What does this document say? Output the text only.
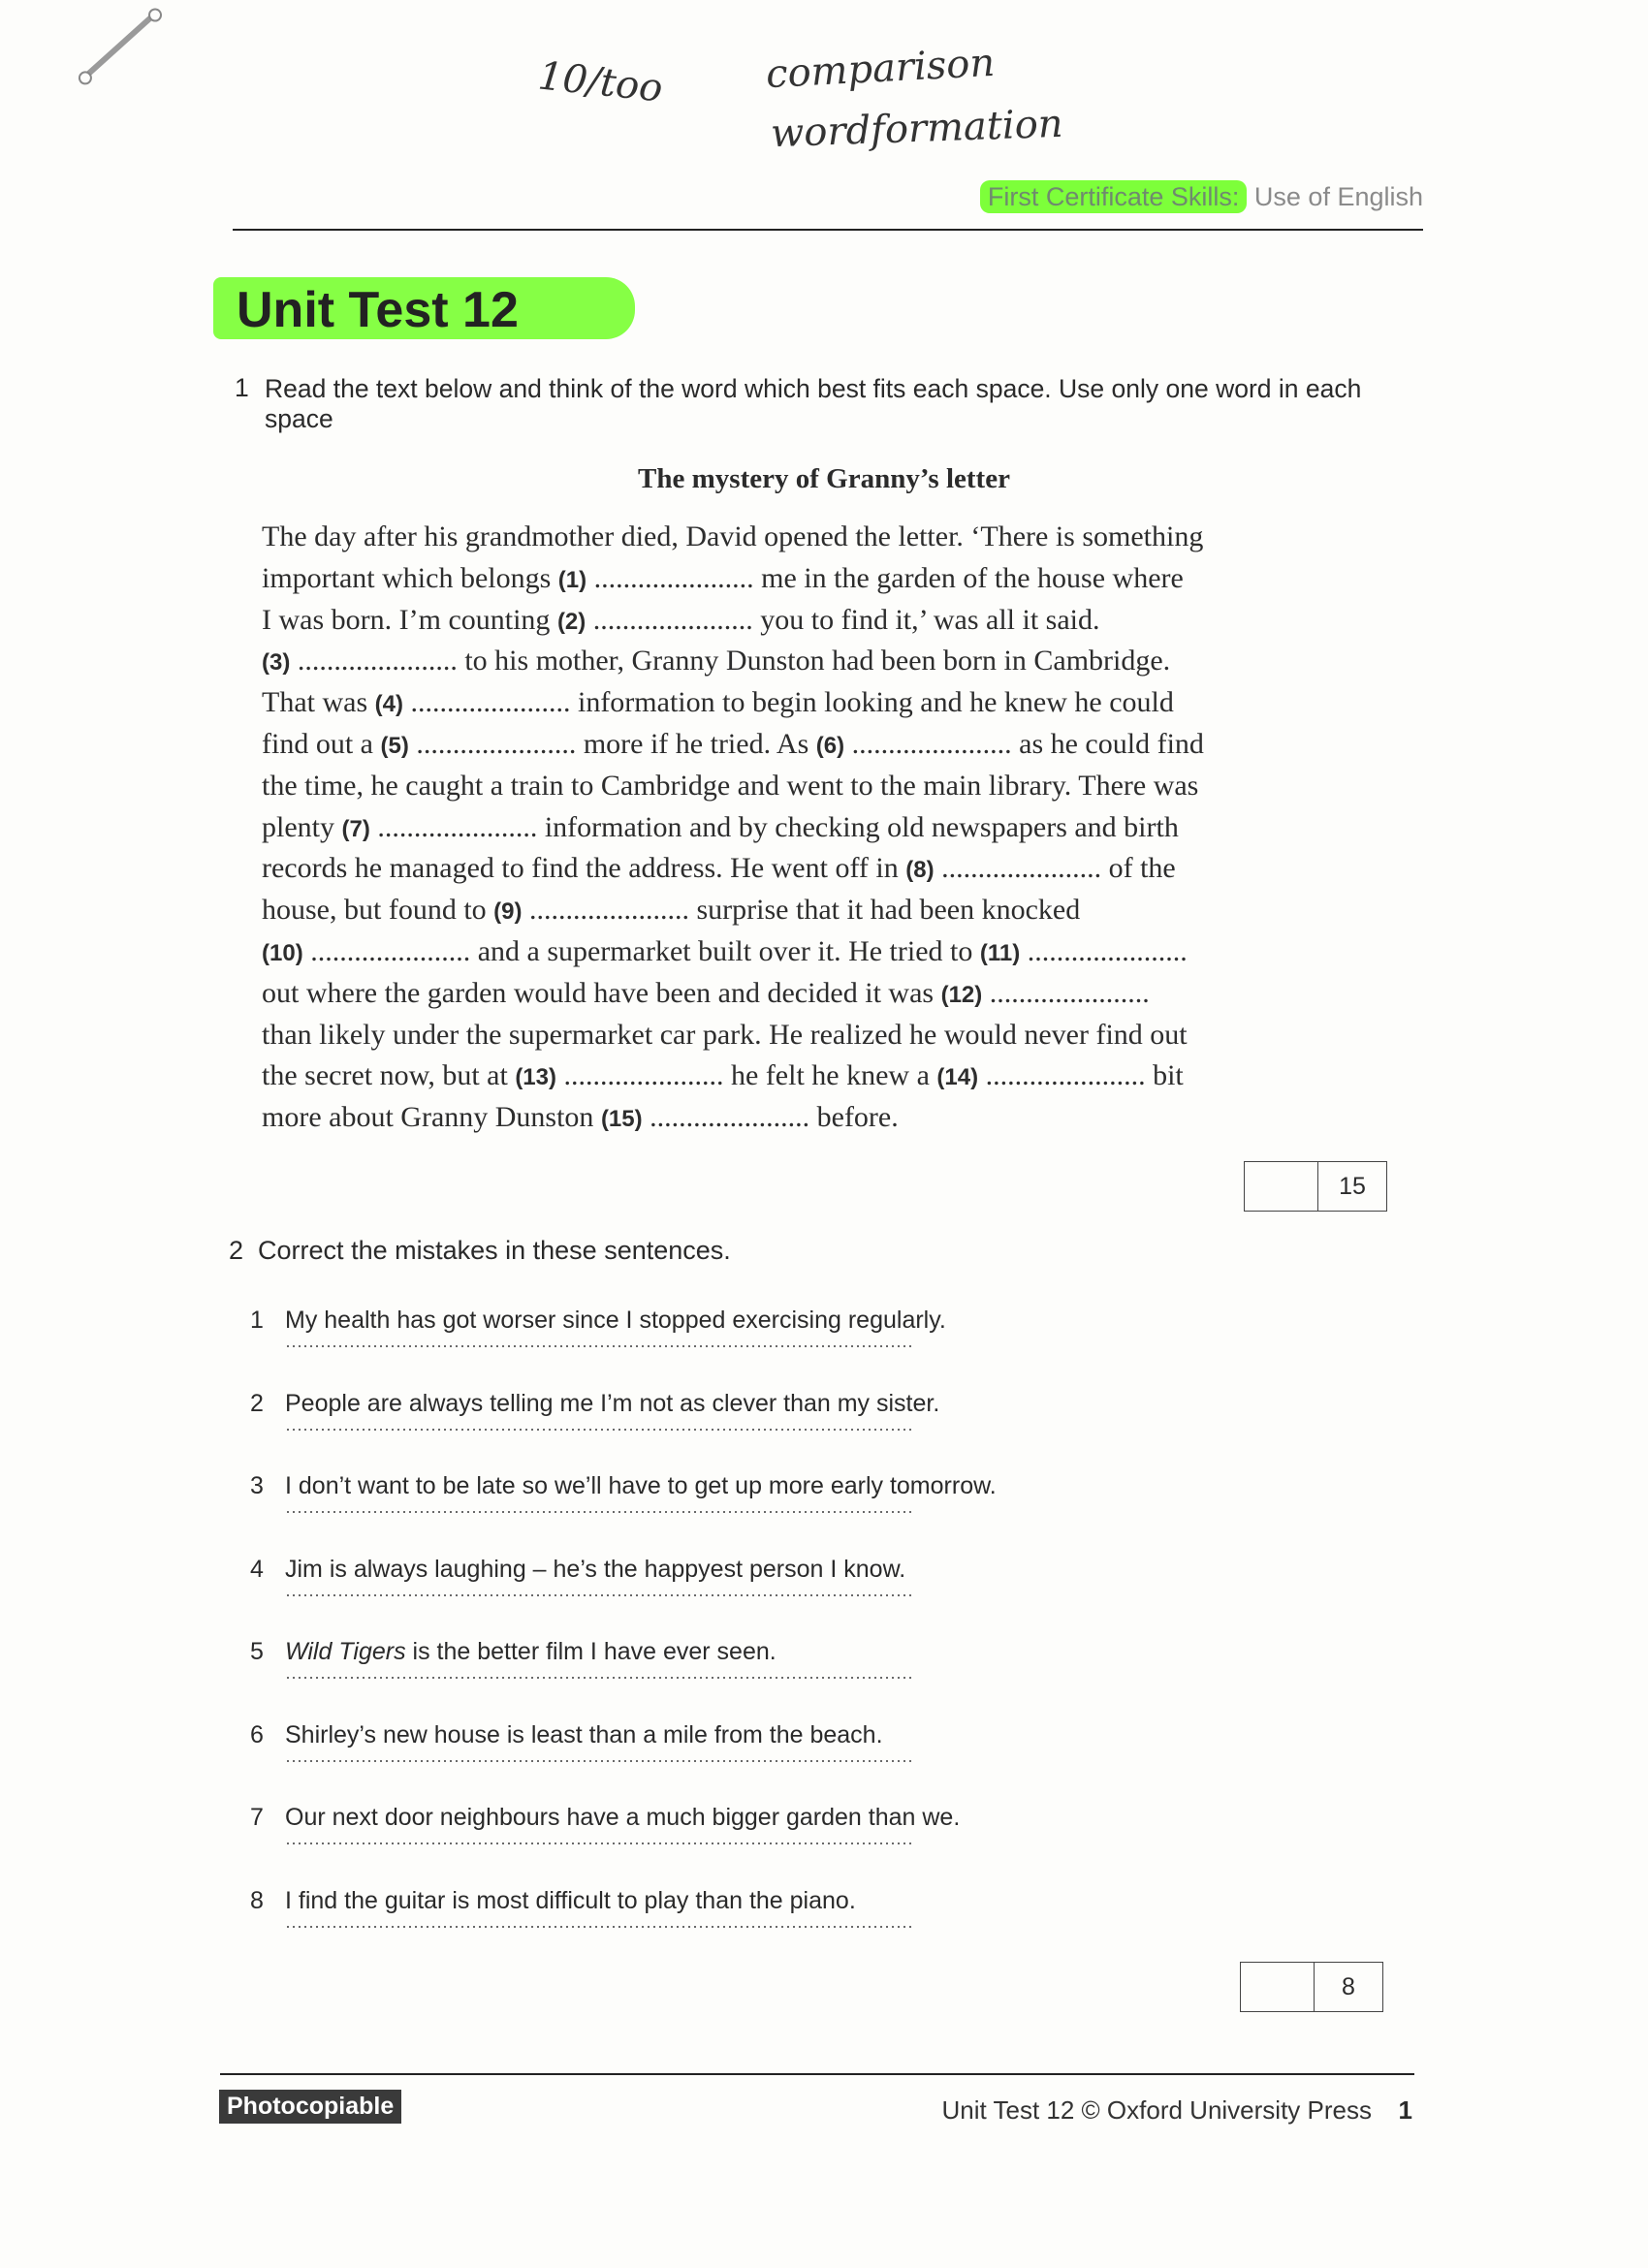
10/too	comparison
wordformation
First Certificate Skills: Use of English
Unit Test 12
1 Read the text below and think of the word which best fits each space. Use only one word in each space
The mystery of Granny’s letter
The day after his grandmother died, David opened the letter. ‘There is something
important which belongs (1) ...................... me in the garden of the house where
I was born. I’m counting (2) ...................... you to find it,’ was all it said.
(3) ...................... to his mother, Granny Dunston had been born in Cambridge.
That was (4) ...................... information to begin looking and he knew he could
find out a (5) ...................... more if he tried. As (6) ...................... as he could find
the time, he caught a train to Cambridge and went to the main library. There was
plenty (7) ...................... information and by checking old newspapers and birth
records he managed to find the address. He went off in (8) ...................... of the
house, but found to (9) ...................... surprise that it had been knocked
(10) ...................... and a supermarket built over it. He tried to (11) ......................
out where the garden would have been and decided it was (12) ......................
than likely under the supermarket car park. He realized he would never find out
the secret now, but at (13) ...................... he felt he knew a (14) ...................... bit
more about Granny Dunston (15) ...................... before.
15
2 Correct the mistakes in these sentences.
1 My health has got worser since I stopped exercising regularly.
2 People are always telling me I’m not as clever than my sister.
3 I don’t want to be late so we’ll have to get up more early tomorrow.
4 Jim is always laughing – he’s the happyest person I know.
5 Wild Tigers is the better film I have ever seen.
6 Shirley’s new house is least than a mile from the beach.
7 Our next door neighbours have a much bigger garden than we.
8 I find the guitar is most difficult to play than the piano.
8
Photocopiable	Unit Test 12 © Oxford University Press 1
